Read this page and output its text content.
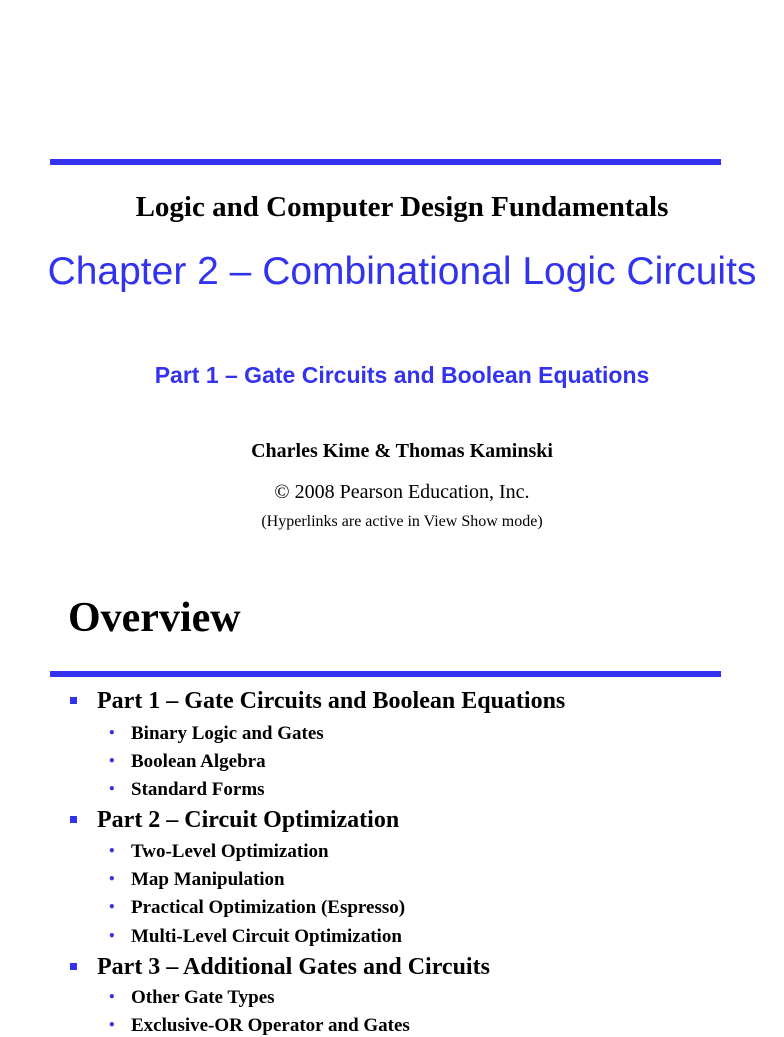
Logic and Computer Design Fundamentals
Chapter 2 – Combinational Logic Circuits
Part 1 – Gate Circuits and Boolean Equations
Charles Kime & Thomas Kaminski
© 2008 Pearson Education, Inc.
(Hyperlinks are active in View Show mode)
Overview
Part 1 – Gate Circuits and Boolean Equations
• Binary Logic and Gates
• Boolean Algebra
• Standard Forms
Part 2 – Circuit Optimization
• Two-Level Optimization
• Map Manipulation
• Practical Optimization (Espresso)
• Multi-Level Circuit Optimization
Part 3 – Additional Gates and Circuits
• Other Gate Types
• Exclusive-OR Operator and Gates
